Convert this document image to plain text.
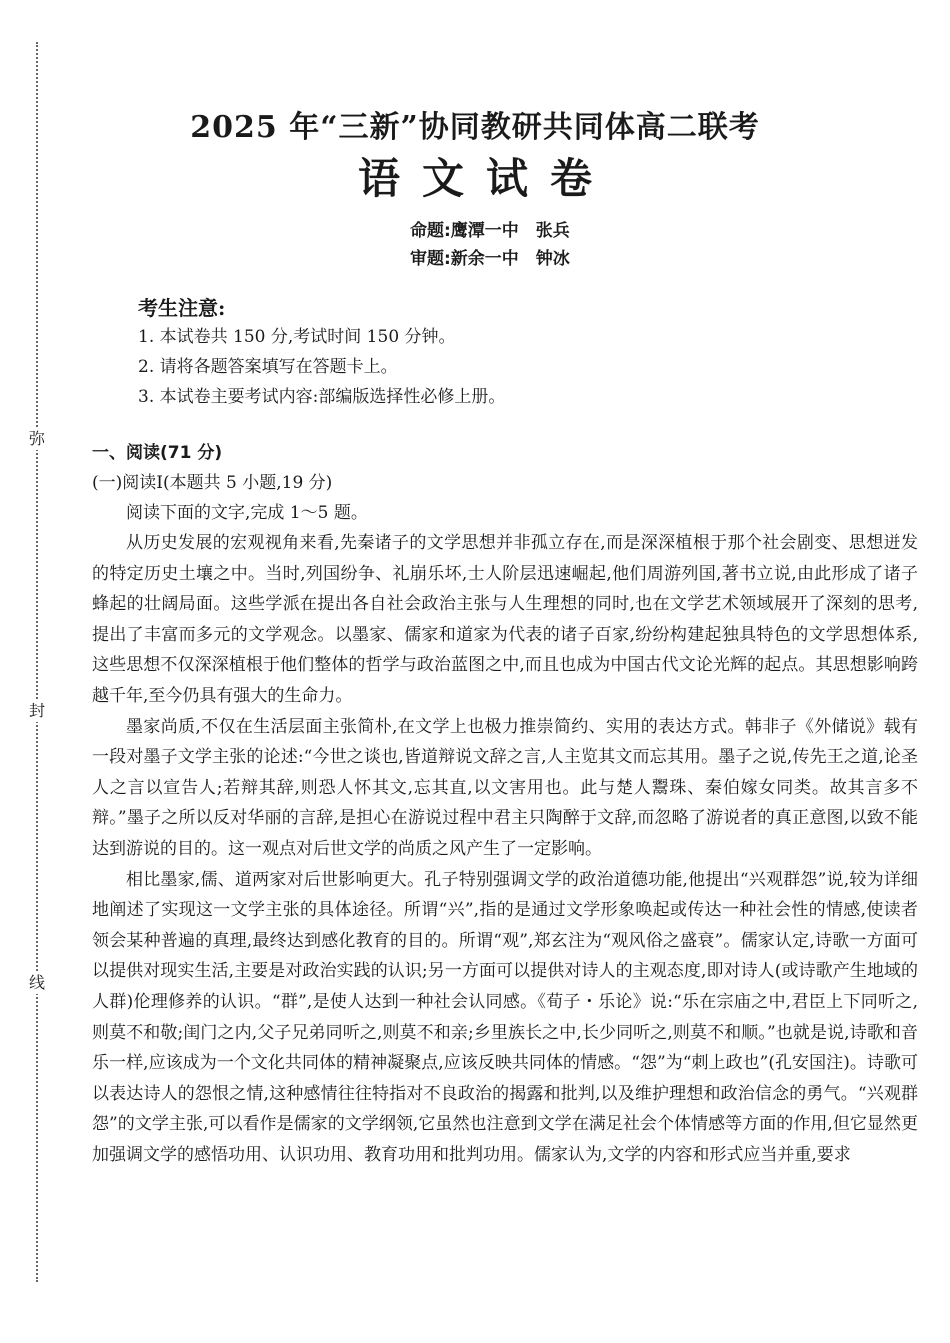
弥
封
线
2025 年“三新”协同教研共同体高二联考
语文试卷
命题:鹰潭一中　张兵
审题:新余一中　钟冰
考生注意:
1. 本试卷共 150 分,考试时间 150 分钟。
2. 请将各题答案填写在答题卡上。
3. 本试卷主要考试内容:部编版选择性必修上册。
一、阅读(71 分)
(一)阅读Ⅰ(本题共 5 小题,19 分)
阅读下面的文字,完成 1～5 题。

从历史发展的宏观视角来看,先秦诸子的文学思想并非孤立存在,而是深深植根于那个社会剧变、思想迸发的特定历史土壤之中。当时,列国纷争、礼崩乐坏,士人阶层迅速崛起,他们周游列国,著书立说,由此形成了诸子蜂起的壮阔局面。这些学派在提出各自社会政治主张与人生理想的同时,也在文学艺术领域展开了深刻的思考,提出了丰富而多元的文学观念。以墨家、儒家和道家为代表的诸子百家,纷纷构建起独具特色的文学思想体系,这些思想不仅深深植根于他们整体的哲学与政治蓝图之中,而且也成为中国古代文论光辉的起点。其思想影响跨越千年,至今仍具有强大的生命力。

墨家尚质,不仅在生活层面主张简朴,在文学上也极力推崇简约、实用的表达方式。韩非子《外储说》载有一段对墨子文学主张的论述:“今世之谈也,皆道辩说文辞之言,人主览其文而忘其用。墨子之说,传先王之道,论圣人之言以宣告人;若辩其辞,则恐人怀其文,忘其直,以文害用也。此与楚人鬻珠、秦伯嫁女同类。故其言多不辩。”墨子之所以反对华丽的言辞,是担心在游说过程中君主只陶醉于文辞,而忽略了游说者的真正意图,以致不能达到游说的目的。这一观点对后世文学的尚质之风产生了一定影响。

相比墨家,儒、道两家对后世影响更大。孔子特别强调文学的政治道德功能,他提出“兴观群怨”说,较为详细地阐述了实现这一文学主张的具体途径。所谓“兴”,指的是通过文学形象唤起或传达一种社会性的情感,使读者领会某种普遍的真理,最终达到感化教育的目的。所谓“观”,郑玄注为“观风俗之盛衰”。儒家认定,诗歌一方面可以提供对现实生活,主要是对政治实践的认识;另一方面可以提供对诗人的主观态度,即对诗人(或诗歌产生地域的人群)伦理修养的认识。“群”,是使人达到一种社会认同感。《荀子・乐论》说:“乐在宗庙之中,君臣上下同听之,则莫不和敬;闺门之内,父子兄弟同听之,则莫不和亲;乡里族长之中,长少同听之,则莫不和顺。”也就是说,诗歌和音乐一样,应该成为一个文化共同体的精神凝聚点,应该反映共同体的情感。“怨”为“刺上政也”(孔安国注)。诗歌可以表达诗人的怨恨之情,这种感情往往特指对不良政治的揭露和批判,以及维护理想和政治信念的勇气。“兴观群怨”的文学主张,可以看作是儒家的文学纲领,它虽然也注意到文学在满足社会个体情感等方面的作用,但它显然更加强调文学的感悟功用、认识功用、教育功用和批判功用。儒家认为,文学的内容和形式应当并重,要求
